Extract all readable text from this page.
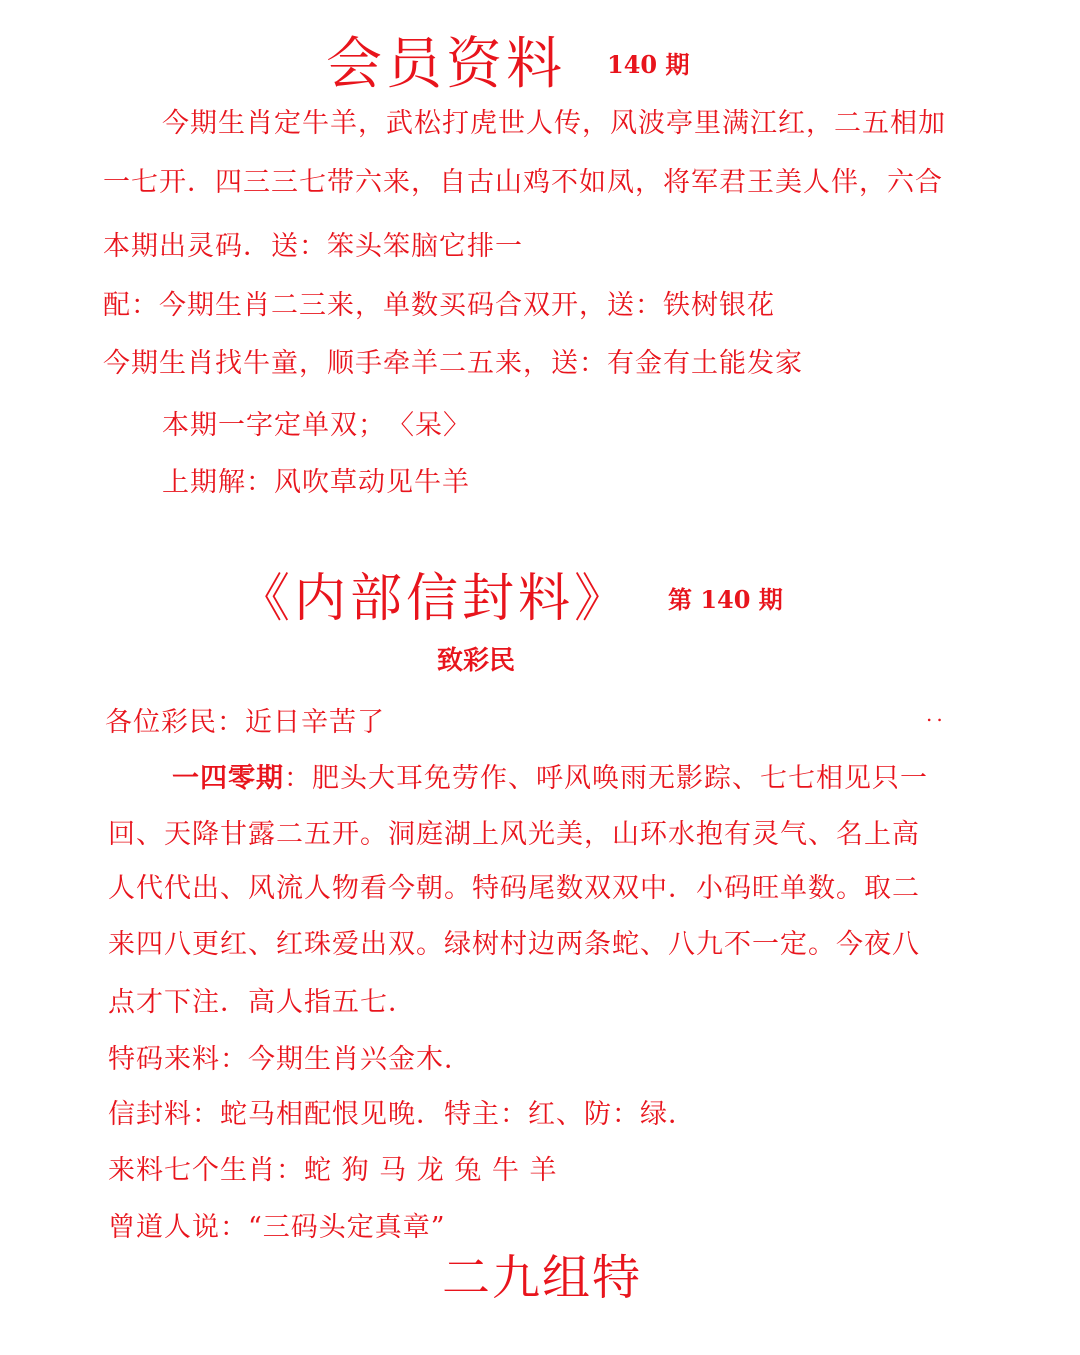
会员资料 140 期
今期生肖定牛羊，武松打虎世人传，风波亭里满江红，二五相加
一七开．四三三七带六来，自古山鸡不如凤，将军君王美人伴，六合
本期出灵码．送：笨头笨脑它排一
配：今期生肖二三来，单数买码合双开，送：铁树银花
今期生肖找牛童，顺手牵羊二五来，送：有金有土能发家
本期一字定单双；　〈呆〉
上期解：风吹草动见牛羊
《内部信封料》 第 140 期
致彩民
各位彩民：近日辛苦了	..
一四零期：肥头大耳免劳作、呼风唤雨无影踪、七七相见只一
回、天降甘露二五开。洞庭湖上风光美，山环水抱有灵气、名上高
人代代出、风流人物看今朝。特码尾数双双中．小码旺单数。取二
来四八更红、红珠爱出双。绿树村边两条蛇、八九不一定。今夜八
点才下注．高人指五七．
特码来料：今期生肖兴金木．
信封料：蛇马相配恨见晚．特主：红、防：绿．
来料七个生肖：蛇 狗 马 龙 兔 牛 羊
曾道人说：“三码头定真章”
二九组特
